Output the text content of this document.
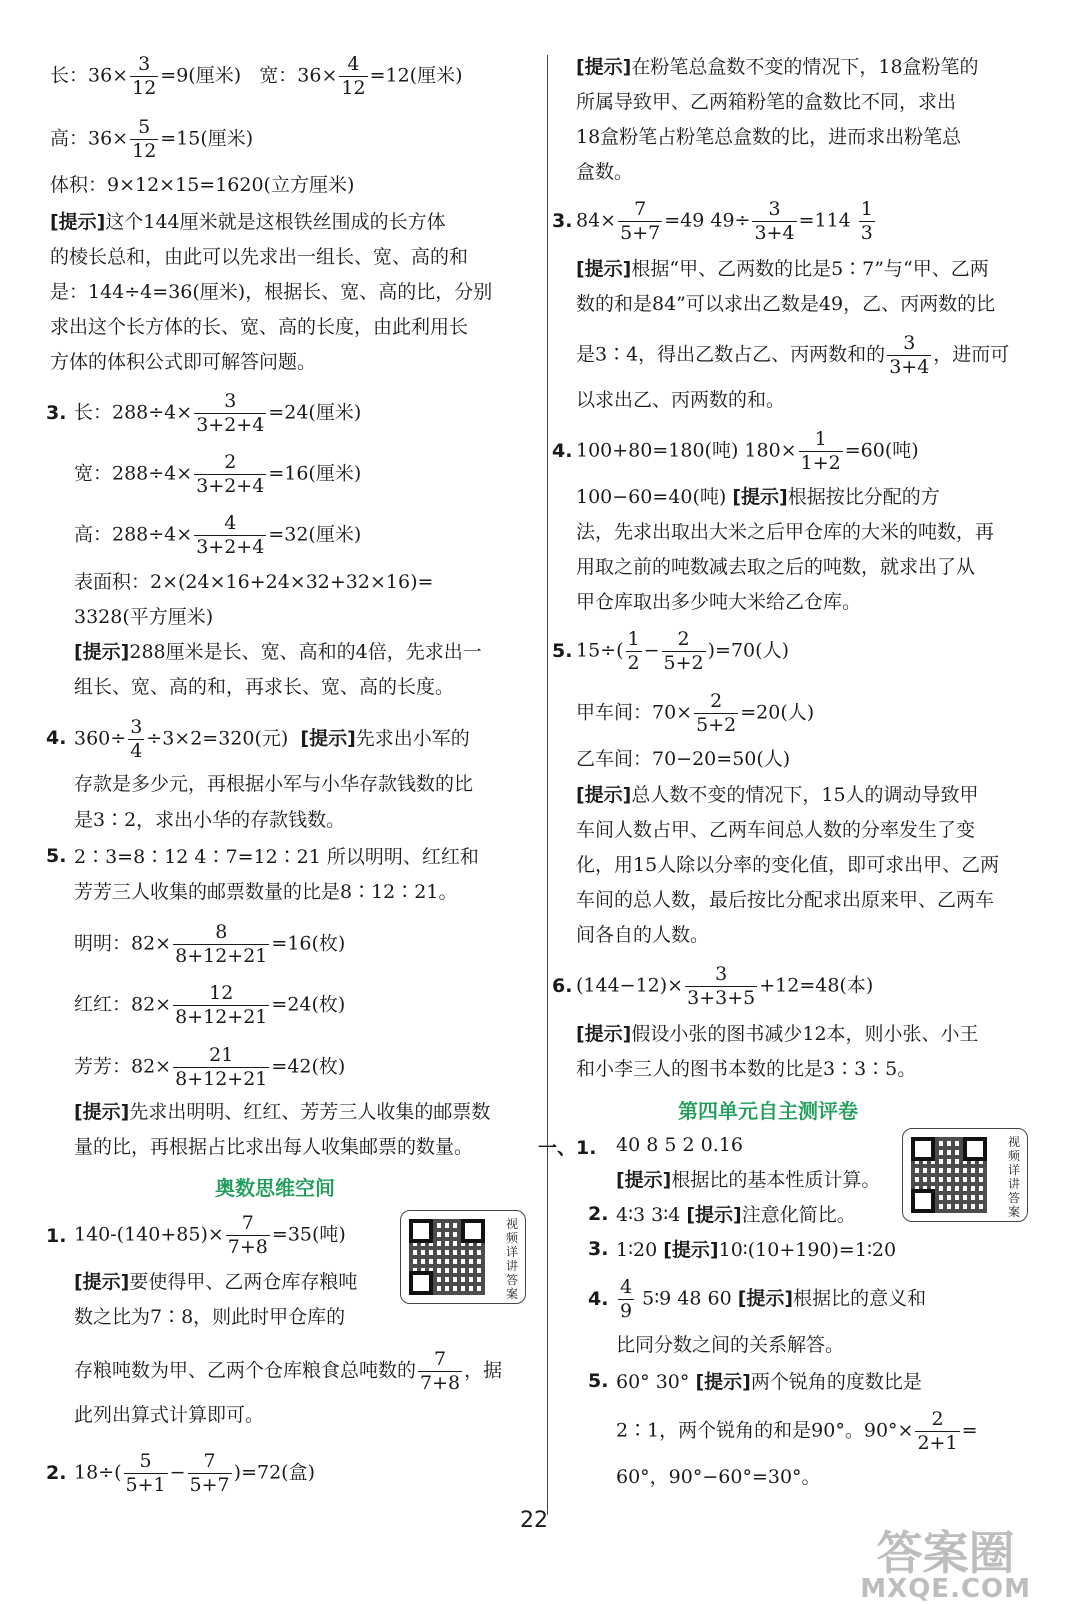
长：$36\times \frac{3}{12} =9$(厘米) 宽：$36\times \frac{4}{12} =12$(厘米)
高：$36\times \frac{5}{12} =15$(厘米)
体积：9×12×15=1620(立方厘米)
[提示]这个144厘米就是这根铁丝围成的长方体
的棱长总和，由此可以先求出一组长、宽、高的和
是：144÷4=36(厘米)，根据长、宽、高的比，分别
求出这个长方体的长、宽、高的长度，由此利用长
方体的体积公式即可解答问题。
3. 长：$288\div 4\times \frac{3}{3+2+4} =24$(厘米)
宽：$288\div 4\times \frac{2}{3+2+4} =16$(厘米)
高：$288\div 4\times \frac{4}{3+2+4} =32$(厘米)
表面积：2×(24×16+24×32+32×16)=
3328(平方厘米)
[提示]288厘米是长、宽、高和的4倍，先求出一
组长、宽、高的和，再求长、宽、高的长度。
4. $360\div \frac{3}{4} \div 3\times 2=320$(元) [提示]先求出小军的
存款是多少元，再根据小军与小华存款钱数的比
是3∶2，求出小华的存款钱数。
5. 2∶3=8∶12 4∶7=12∶21 所以明明、红红和
芳芳三人收集的邮票数量的比是8∶12∶21。
明明：$82\times \frac{8}{8+12+21} =16$(枚)
红红：$82\times \frac{12}{8+12+21} =24$(枚)
芳芳：$82\times \frac{21}{8+12+21} =42$(枚)
[提示]先求出明明、红红、芳芳三人收集的邮票数
量的比，再根据占比求出每人收集邮票的数量。
奥数思维空间
1. $140-(140+85)\times \frac{7}{7+8} =35$(吨)
[提示]要使得甲、乙两仓库存粮吨
数之比为7∶8，则此时甲仓库的
存粮吨数为甲、乙两个仓库粮食总吨数的 $\frac{7}{7+8}$ ，据
此列出算式计算即可。
视频详讲答案
2. $18\div( \frac{5}{5+1} - \frac{7}{5+7} )=72$(盒)
[提示]在粉笔总盒数不变的情况下，18盒粉笔的
所属导致甲、乙两箱粉笔的盒数比不同，求出
18盒粉笔占粉笔总盒数的比，进而求出粉笔总
盒数。
3. $84\times \frac{7}{5+7} =49$ $49\div \frac{3}{3+4} =114 \frac{1}{3}$
[提示]根据“甲、乙两数的比是5∶7”与“甲、乙两
数的和是84”可以求出乙数是49，乙、丙两数的比
是3∶4，得出乙数占乙、丙两数和的 $\frac{3}{3+4}$ ，进而可
以求出乙、丙两数的和。
4. 100+80=180(吨) $180\times \frac{1}{1+2} =60$(吨)
100−60=40(吨) [提示]根据按比分配的方
法，先求出取出大米之后甲仓库的大米的吨数，再
用取之前的吨数减去取之后的吨数，就求出了从
甲仓库取出多少吨大米给乙仓库。
5. $15\div( \frac{1}{2} - \frac{2}{5+2} )=70$(人)
甲车间：$70\times \frac{2}{5+2} =20$(人)
乙车间：70−20=50(人)
[提示]总人数不变的情况下，15人的调动导致甲
车间人数占甲、乙两车间总人数的分率发生了变
化，用15人除以分率的变化值，即可求出甲、乙两
车间的总人数，最后按比分配求出原来甲、乙两车
间各自的人数。
6. $(144-12)\times \frac{3}{3+3+5} +12=48$(本)
[提示]假设小张的图书减少12本，则小张、小王
和小李三人的图书本数的比是3∶3∶5。
第四单元自主测评卷
一、1. 40 8 5 2 0.16
[提示]根据比的基本性质计算。
2. 4∶3 3∶4 [提示]注意化简比。
3. 1∶20 [提示]10∶(10+190)=1∶20
4. $\frac{4}{9}$ 5∶9 48 60 [提示]根据比的意义和
比同分数之间的关系解答。
5. 60° 30° [提示]两个锐角的度数比是
2∶1，两个锐角的和是90°。$90^\circ\times \frac{2}{2+1}$ =
60°，90°−60°=30°。
视频详讲答案
22
答案圈
MXQE.COM
